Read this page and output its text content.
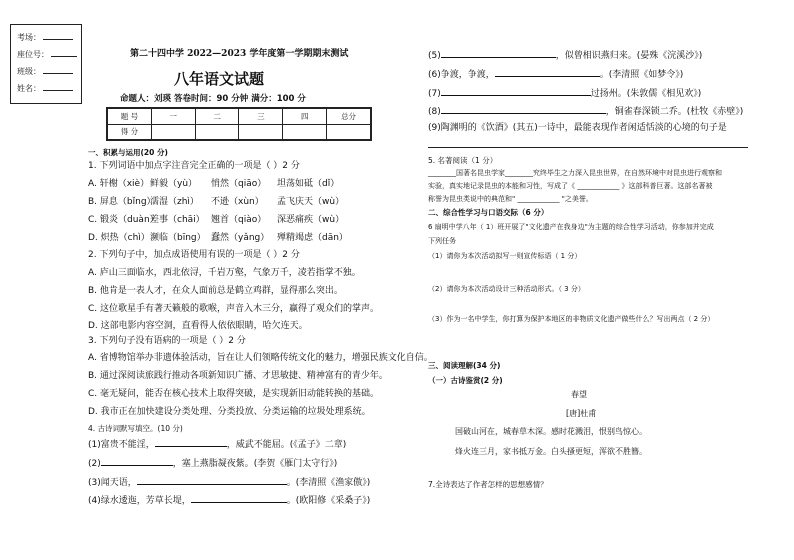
考场：
座位号：
班级：
姓名：
第二十四中学 2022—2023 学年度第一学期期末测试
八年语文试题
命题人：刘瑛 答卷时间：90 分钟 满分：100 分
题 号	一	二	三	四	总分
得 分					
一、积累与运用(20 分)
1. 下列词语中加点字注音完全正确的一项是（ ）2 分
A. 轩榭（xiè） 鲜毅（yù） 悄然（qiāo） 坦荡如砥（dǐ）
B. 屏息（bǐng）
濡湿（zhì） 不逊（xùn） 孟飞庆天（wù）
C. 锻炎（duàn）
差事（chāi） 翘首（qiào） 深恶痛疾（wù）
D. 炽热（chì） 濒临（bīng） 蠢然（yǎng） 殚精竭虑（dān）
2. 下列句子中，加点成语使用有误的一项是（ ）2 分
A. 庐山三面临水，西北依浔，千岩万壑，气象万千，凌若指掌不独。
B. 他肯是一表人才，在众人面前总是鹤立鸡群，显得那么突出。
C. 这位歌星手有著天籁般的歌喉，声音入木三分，赢得了观众们的掌声。
D. 这部电影内容空洞，直看得人依依眼睛，哈欠连天。
3. 下列句子没有语病的一项是（ ）2 分
A. 省博物馆举办非遗体验活动，旨在让人们领略传统文化的魅力，增强民族文化自信。
B. 通过深阅读旅践行推动各项新知识广播、才思敏捷、精神富有的青少年。
C. 毫无疑问，能否在核心技术上取得突破，是实现新旧动能转换的基础。
D. 我市正在加快建设分类处理、分类投放、分类运输的垃圾处理系统。
4. 古诗词默写填空。(10 分)
(1)富贵不能淫，	，威武不能屈。(《孟子》二章)
(2)	，塞上燕脂凝夜紫。(李贺《雁门太守行》)
(3)闻天语，	。(李清照《渔家傲》)
(4)绿水逶迤，芳草长堤，	。(欧阳修《采桑子》)
(5)	，似曾相识燕归来。(晏殊《浣溪沙》)
(6)争渡，争渡，	。(李清照《如梦令》)
(7)	过扬州。(朱敦儒《相见欢》)
(8)	，铜雀春深锁二乔。(杜牧《赤壁》)
(9)陶渊明的《饮酒》(其五)一诗中，最能表现作者闲适恬淡的心境的句子是
5. 名著阅读（1 分）
________国著名昆虫学家________究终毕生之力深入昆虫世界，在自然环境中对昆虫进行观察和
实验，真实地记录昆虫的本能和习性，写成了《 ____________ 》这部科普巨著。这部名著被
称誉为昆虫类说中的典范和" ____________ "之美誉。
二、综合性学习与口语交际（6 分）
6 扇明中学八年（ 1）班开展了"文化遗产在我身边"为主题的综合性学习活动，你参加并完成
下列任务
（1）请你为本次活动拟写一则宣传标语（ 1 分）
（2）请你为本次活动设计三种活动形式。（ 3 分）
（3）作为一名中学生，你打算为保护本地区的非物质文化遗产做些什么？写出两点（ 2 分）
三、阅读理解(34 分)
（一）古诗鉴赏(2 分)
春望
[唐]杜甫
国破山河在，城春草木深。感时花溅泪，恨别鸟惊心。
烽火连三月，家书抵万金。白头搔更短，浑欲不胜簪。
7.全诗表达了作者怎样的思想感情？
